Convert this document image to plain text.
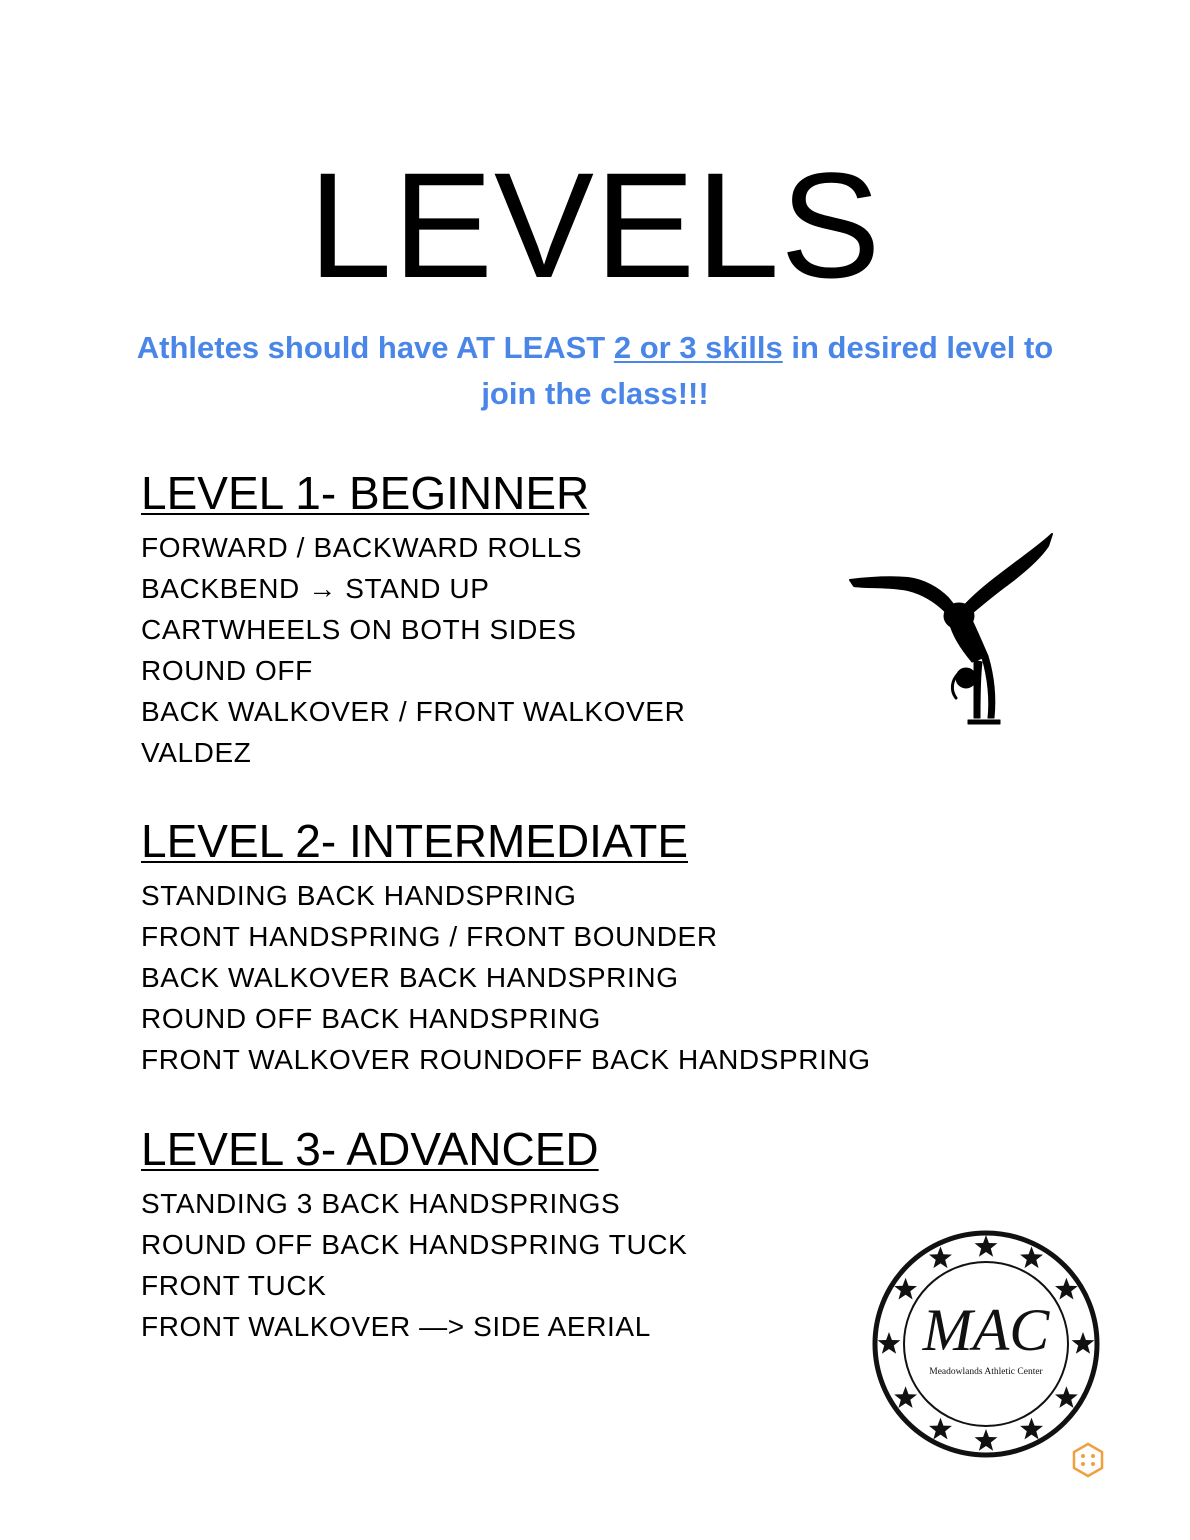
LEVELS
Athletes should have AT LEAST 2 or 3 skills in desired level to join the class!!!
LEVEL 1- BEGINNER
FORWARD / BACKWARD ROLLS
BACKBEND → STAND UP
CARTWHEELS ON BOTH SIDES
ROUND OFF
BACK WALKOVER / FRONT WALKOVER
VALDEZ
LEVEL 2- INTERMEDIATE
STANDING BACK HANDSPRING
FRONT HANDSPRING / FRONT BOUNDER
BACK WALKOVER BACK HANDSPRING
ROUND OFF BACK HANDSPRING
FRONT WALKOVER ROUNDOFF BACK HANDSPRING
LEVEL 3- ADVANCED
STANDING 3 BACK HANDSPRINGS
ROUND OFF BACK HANDSPRING TUCK
FRONT TUCK
FRONT WALKOVER —> SIDE AERIAL	MAC
Meadowlands Athletic Center
